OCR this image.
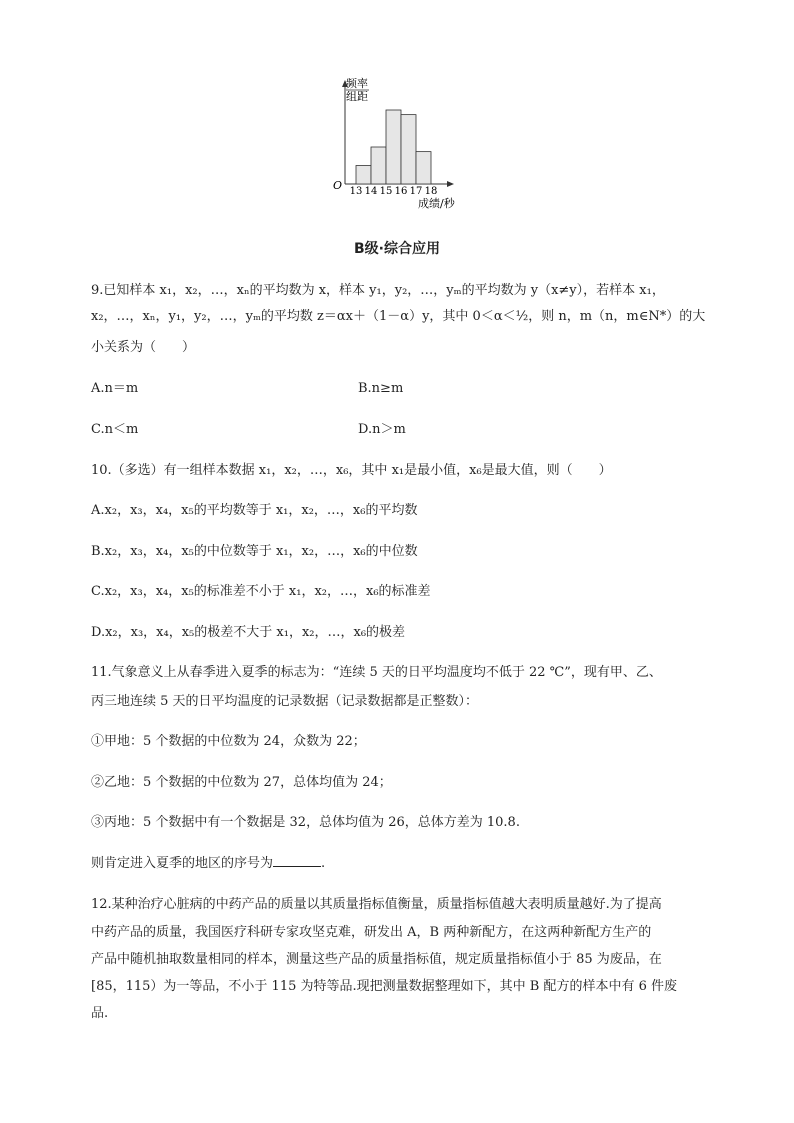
频率
组距
O 13 14 15 16 17 18
成绩/秒
B级·综合应用
9.已知样本 x₁，x₂，…，xₙ的平均数为 x，样本 y₁，y₂，…，yₘ的平均数为 y（x≠y），若样本 x₁，
x₂，…，xₙ，y₁，y₂，…，yₘ的平均数 z＝αx＋（1－α）y，其中 0＜α＜½，则 n，m（n，m∈N*）的大
小关系为（　　）
A.n＝m	B.n≥m
C.n＜m	D.n＞m
10.（多选）有一组样本数据 x₁，x₂，…，x₆，其中 x₁是最小值，x₆是最大值，则（　　）
A.x₂，x₃，x₄，x₅的平均数等于 x₁，x₂，…，x₆的平均数
B.x₂，x₃，x₄，x₅的中位数等于 x₁，x₂，…，x₆的中位数
C.x₂，x₃，x₄，x₅的标准差不小于 x₁，x₂，…，x₆的标准差
D.x₂，x₃，x₄，x₅的极差不大于 x₁，x₂，…，x₆的极差
11.气象意义上从春季进入夏季的标志为：“连续 5 天的日平均温度均不低于 22 ℃”，现有甲、乙、
丙三地连续 5 天的日平均温度的记录数据（记录数据都是正整数）：
①甲地：5 个数据的中位数为 24，众数为 22；
②乙地：5 个数据的中位数为 27，总体均值为 24；
③丙地：5 个数据中有一个数据是 32，总体均值为 26，总体方差为 10.8.
则肯定进入夏季的地区的序号为	.
12.某种治疗心脏病的中药产品的质量以其质量指标值衡量，质量指标值越大表明质量越好.为了提高
中药产品的质量，我国医疗科研专家攻坚克难，研发出 A，B 两种新配方，在这两种新配方生产的
产品中随机抽取数量相同的样本，测量这些产品的质量指标值，规定质量指标值小于 85 为废品，在
[85，115）为一等品，不小于 115 为特等品.现把测量数据整理如下，其中 B 配方的样本中有 6 件废
品.
